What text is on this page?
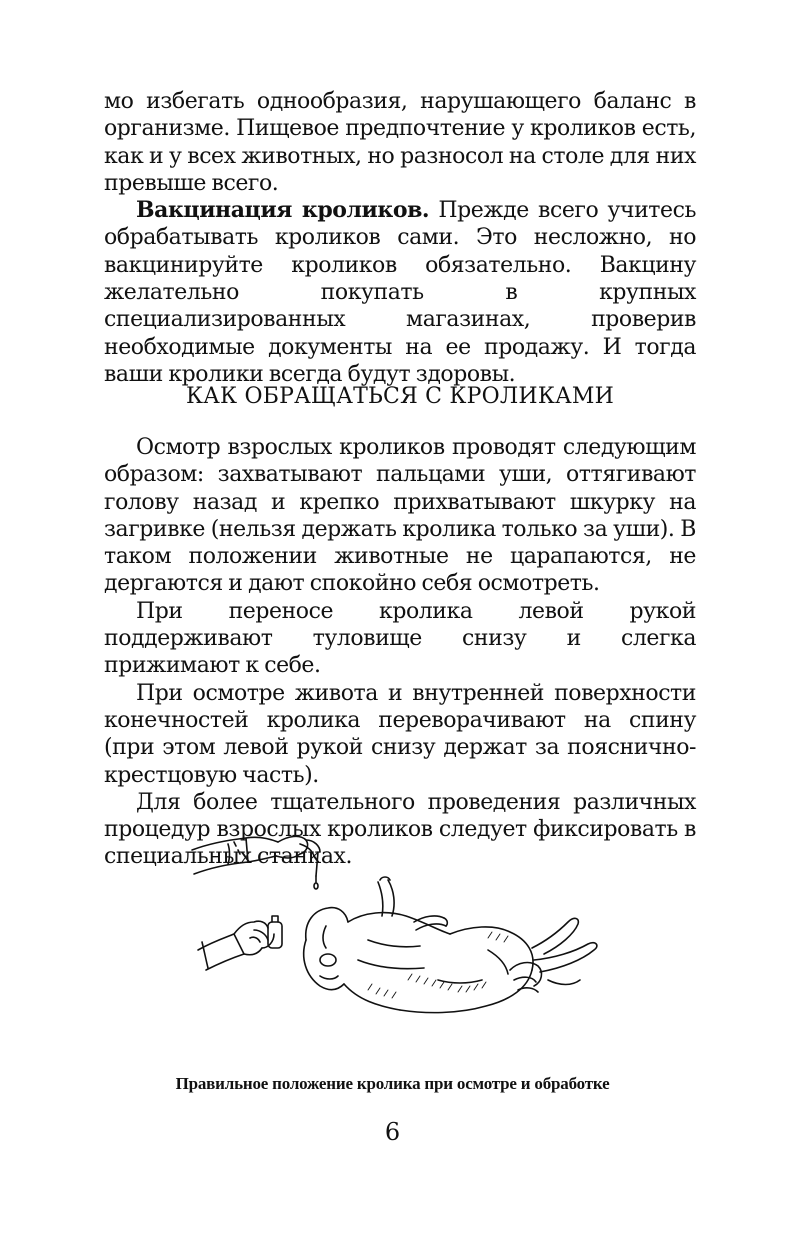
мо избегать однообразия, нарушающего баланс в организме. Пищевое предпочтение у кроликов есть, как и у всех животных, но разносол на столе для них превыше всего.

Вакцинация кроликов. Прежде всего учитесь обрабатывать кроликов сами. Это несложно, но вакцинируйте кроликов обязательно. Вакцину желательно покупать в крупных специализированных магазинах, проверив необходимые документы на ее продажу. И тогда ваши кролики всегда будут здоровы.

КАК ОБРАЩАТЬСЯ С КРОЛИКАМИ

Осмотр взрослых кроликов проводят следующим образом: захватывают пальцами уши, оттягивают голову назад и крепко прихватывают шкурку на загривке (нельзя держать кролика только за уши). В таком положении животные не царапаются, не дергаются и дают спокойно себя осмотреть.

При переносе кролика левой рукой поддерживают туловище снизу и слегка прижимают к себе.

При осмотре живота и внутренней поверхности конечностей кролика переворачивают на спину (при этом левой рукой снизу держат за пояснично-крестцовую часть).

Для более тщательного проведения различных процедур взрослых кроликов следует фиксировать в специальных станках.

Правильное положение кролика при осмотре и обработке
6
